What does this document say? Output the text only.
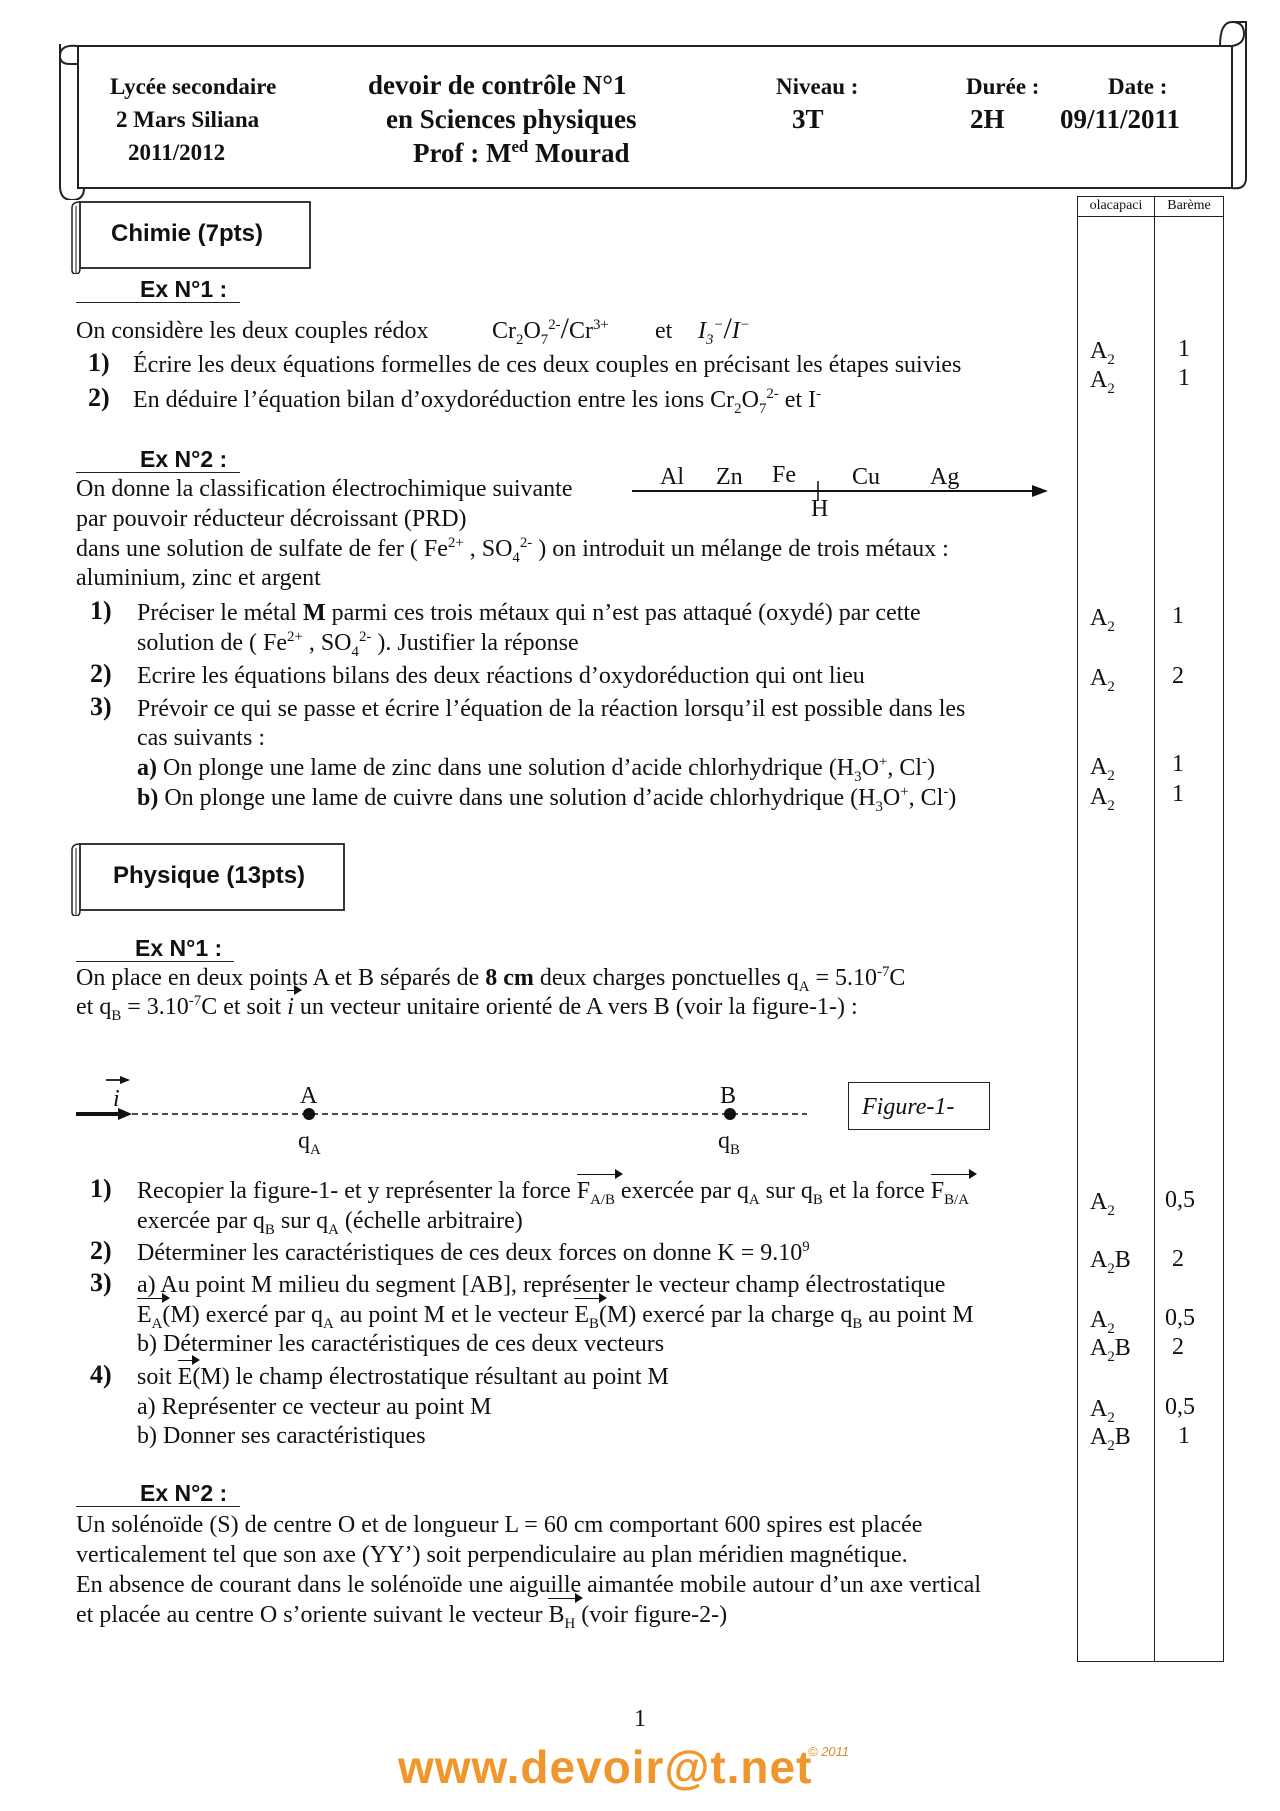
Lycée secondaire
2 Mars Siliana
2011/2012
devoir de contrôle N°1
en Sciences physiques
Prof : $M^{ed}$ Mourad
Niveau :
3T
Durée :
2H
Date :
09/11/2011
olacapaci	Barème
$A_2$	1
$A_2$	1
$A_2$ 1
$A_2$ 2
$A_2$ 1
$A_2$ 1
$A_2$ 0,5
$A_2B$ 2
$A_2$ 0,5
$A_2B$ 2
$A_2$ 0,5
$A_2B$ 1
Chimie (7pts)
Ex N°1 :
On considère les deux couples rédox	$Cr_2O_7^{2-}/Cr^{3+}$ et $I_3^-/I^-$
1) Écrire les deux équations formelles de ces deux couples en précisant les étapes suivies
2) En déduire l’équation bilan d’oxydoréduction entre les ions $Cr_2O_7^{2-}$ et I-
Ex N°2 :
On donne la classification électrochimique suivante
par pouvoir réducteur décroissant (PRD)
Al Zn Fe Cu Ag
H
dans une solution de sulfate de fer ( $Fe^{2+}$ , $SO_4^{2-}$ ) on introduit un mélange de trois métaux :
aluminium, zinc et argent
1) Préciser le métal M parmi ces trois métaux qui n’est pas attaqué (oxydé) par cette
solution de ( $Fe^{2+}$ , $SO_4^{2-}$ ). Justifier la réponse
2) Ecrire les équations bilans des deux réactions d’oxydoréduction qui ont lieu
3) Prévoir ce qui se passe et écrire l’équation de la réaction lorsqu’il est possible dans les
cas suivants :
a) On plonge une lame de zinc dans une solution d’acide chlorhydrique ($H_3O^+$, Cl-)
b) On plonge une lame de cuivre dans une solution d’acide chlorhydrique ($H_3O^+$, Cl-)
Physique (13pts)
Ex N°1 :
On place en deux points A et B séparés de 8 cm deux charges ponctuelles $q_A = 5.10^{-7}C$
et $q_B = 3.10^{-7}C$ et soit i un vecteur unitaire orienté de A vers B (voir la figure-1-) :
i	A	B
$q_A$	$q_B$
Figure-1-
1) Recopier la figure-1- et y représenter la force $F_{A/B}$ exercée par $q_A$ sur $q_B$ et la force $F_{B/A}$
exercée par $q_B$ sur $q_A$ (échelle arbitraire)
2) Déterminer les caractéristiques de ces deux forces on donne $K = 9.10^9$
3) a) Au point M milieu du segment [AB], représenter le vecteur champ électrostatique
$E_A(M)$ exercé par $q_A$ au point M et le vecteur $E_B(M)$ exercé par la charge $q_B$ au point M
b) Déterminer les caractéristiques de ces deux vecteurs
4) soit E(M) le champ électrostatique résultant au point M
a) Représenter ce vecteur au point M
b) Donner ses caractéristiques
Ex N°2 :
Un solénoïde (S) de centre O et de longueur L = 60 cm comportant 600 spires est placée
verticalement tel que son axe (YY’) soit perpendiculaire au plan méridien magnétique.
En absence de courant dans le solénoïde une aiguille aimantée mobile autour d’un axe vertical
et placée au centre O s’oriente suivant le vecteur $B_H$ (voir figure-2-)
1
www.devoir@t.net
© 2011
